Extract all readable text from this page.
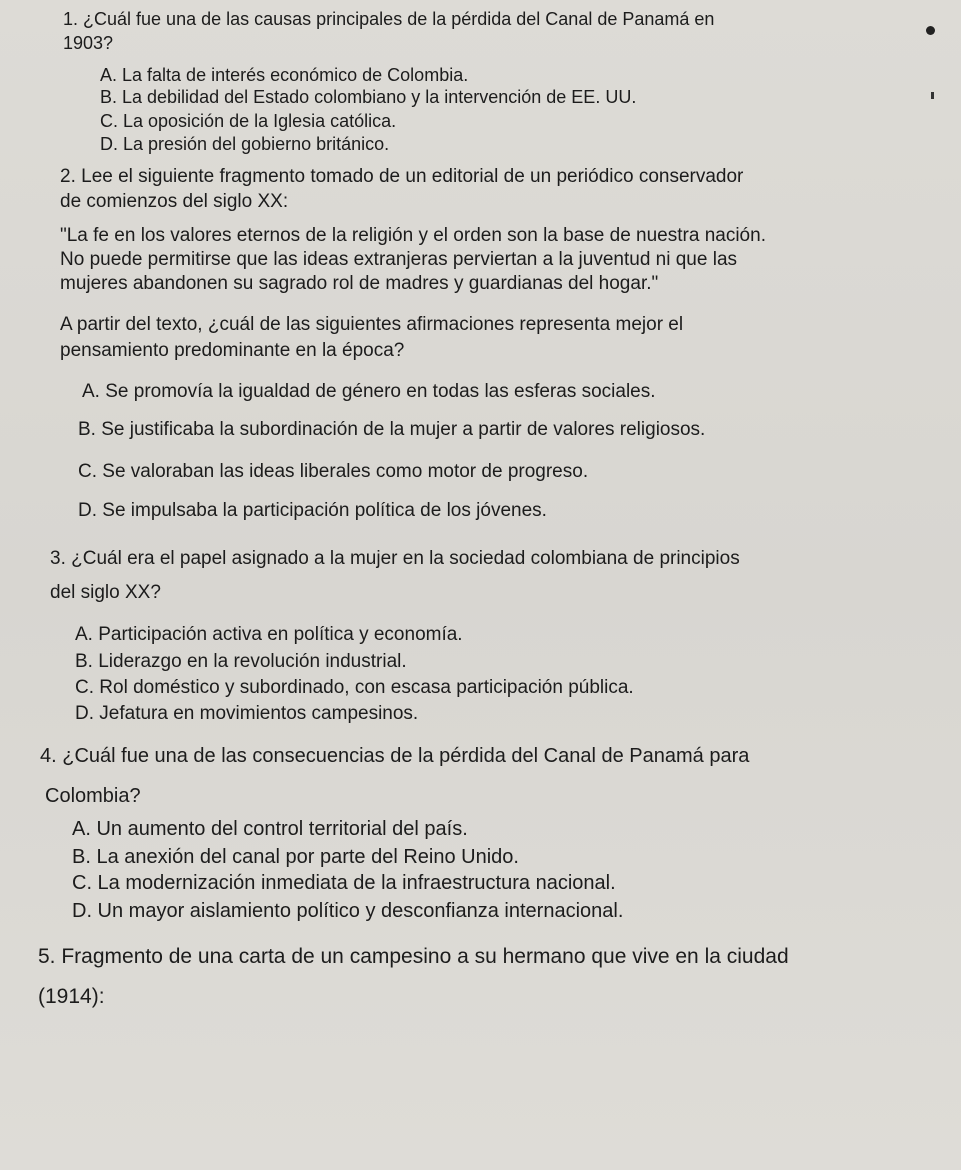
1. ¿Cuál fue una de las causas principales de la pérdida del Canal de Panamá en
1903?
A. La falta de interés económico de Colombia.
B. La debilidad del Estado colombiano y la intervención de EE. UU.
C. La oposición de la Iglesia católica.
D. La presión del gobierno británico.
2. Lee el siguiente fragmento tomado de un editorial de un periódico conservador
de comienzos del siglo XX:
"La fe en los valores eternos de la religión y el orden son la base de nuestra nación.
No puede permitirse que las ideas extranjeras perviertan a la juventud ni que las
mujeres abandonen su sagrado rol de madres y guardianas del hogar."
A partir del texto, ¿cuál de las siguientes afirmaciones representa mejor el
pensamiento predominante en la época?
A. Se promovía la igualdad de género en todas las esferas sociales.
B. Se justificaba la subordinación de la mujer a partir de valores religiosos.
C. Se valoraban las ideas liberales como motor de progreso.
D. Se impulsaba la participación política de los jóvenes.
3. ¿Cuál era el papel asignado a la mujer en la sociedad colombiana de principios
del siglo XX?
A. Participación activa en política y economía.
B. Liderazgo en la revolución industrial.
C. Rol doméstico y subordinado, con escasa participación pública.
D. Jefatura en movimientos campesinos.
4. ¿Cuál fue una de las consecuencias de la pérdida del Canal de Panamá para
Colombia?
A. Un aumento del control territorial del país.
B. La anexión del canal por parte del Reino Unido.
C. La modernización inmediata de la infraestructura nacional.
D. Un mayor aislamiento político y desconfianza internacional.
5. Fragmento de una carta de un campesino a su hermano que vive en la ciudad
(1914):
